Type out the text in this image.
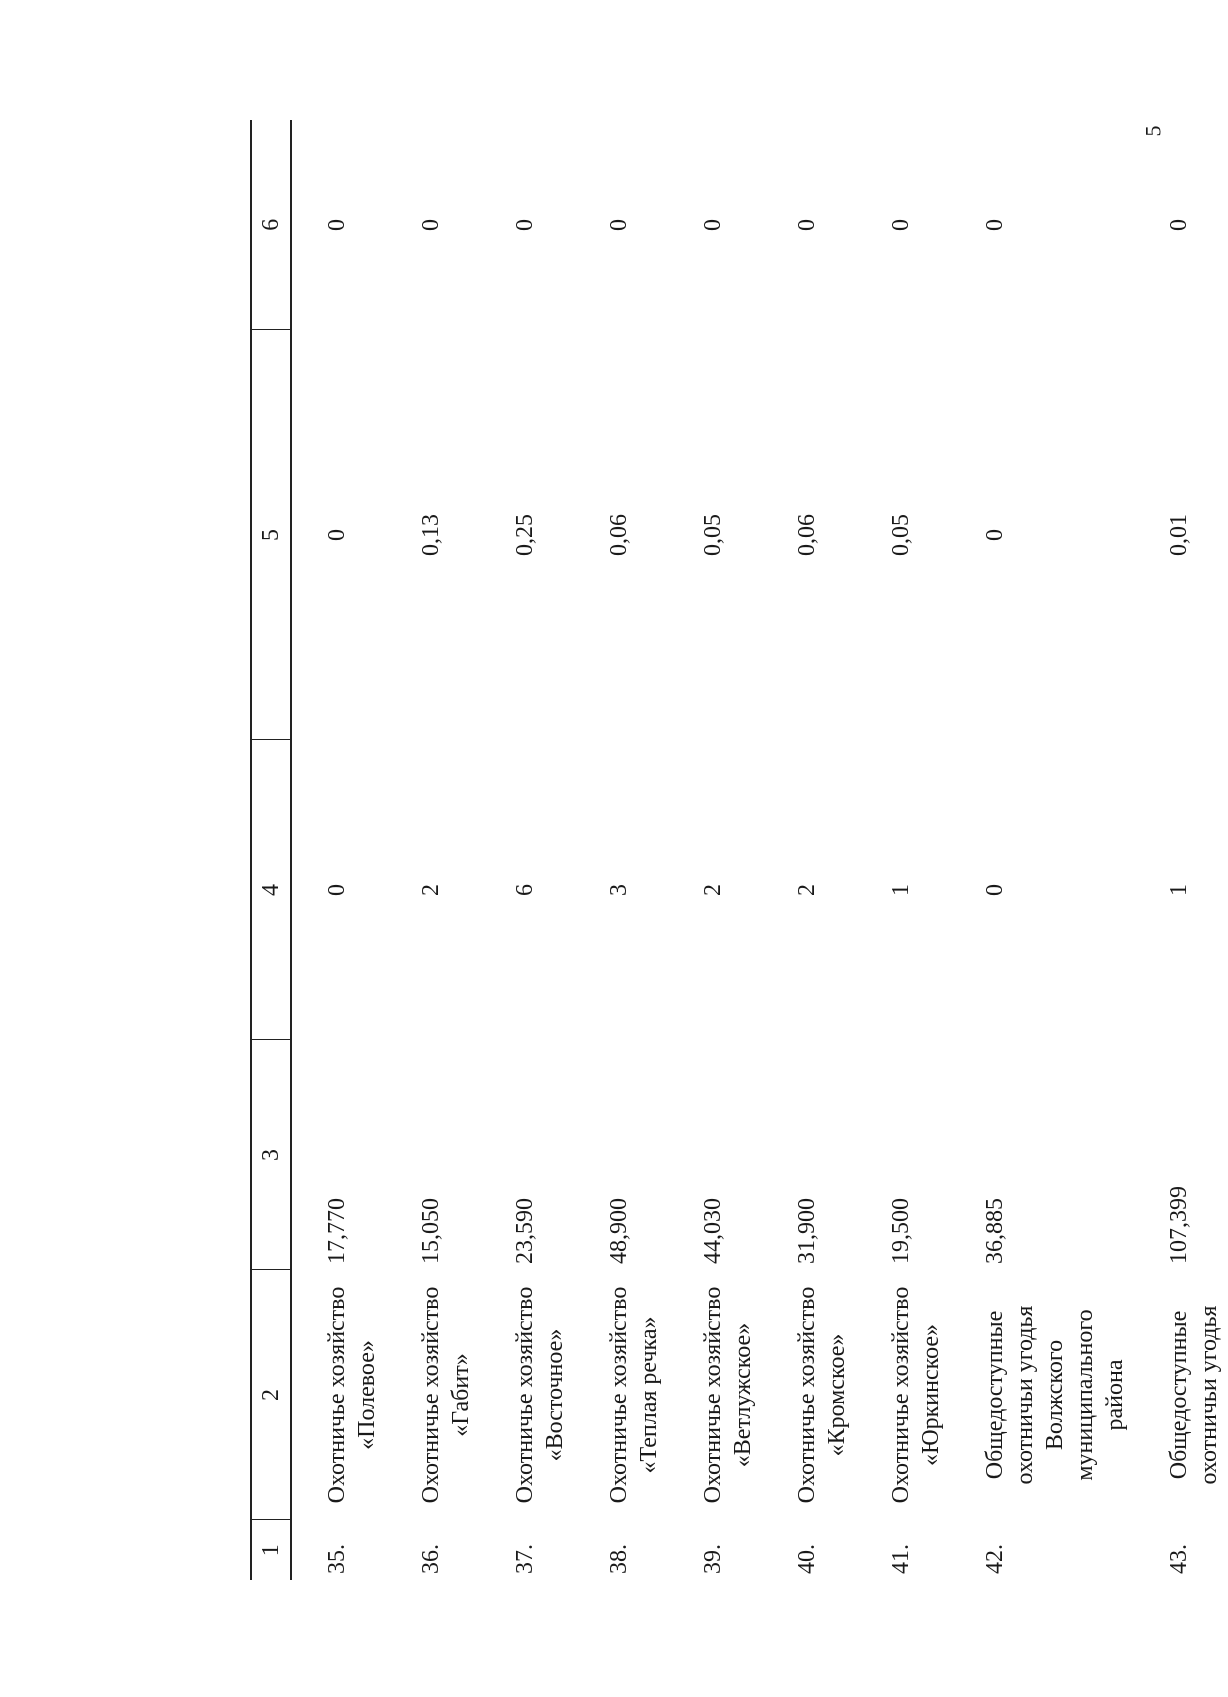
5
1	2	3	4	5	6
35.	Охотничье хозяйство «Полевое»	17,770	0	0	0
36.	Охотничье хозяйство «Габит»	15,050	2	0,13	0
37.	Охотничье хозяйство «Восточное»	23,590	6	0,25	0
38.	Охотничье хозяйство «Теплая речка»	48,900	3	0,06	0
39.	Охотничье хозяйство «Ветлужское»	44,030	2	0,05	0
40.	Охотничье хозяйство «Кромское»	31,900	2	0,06	0
41.	Охотничье хозяйство «Юркинское»	19,500	1	0,05	0
42.	Общедоступные охотничьи угодья Волжского муниципального района	36,885	0	0	0
43.	Общедоступные охотничьи угодья	107,399	1	0,01	0
